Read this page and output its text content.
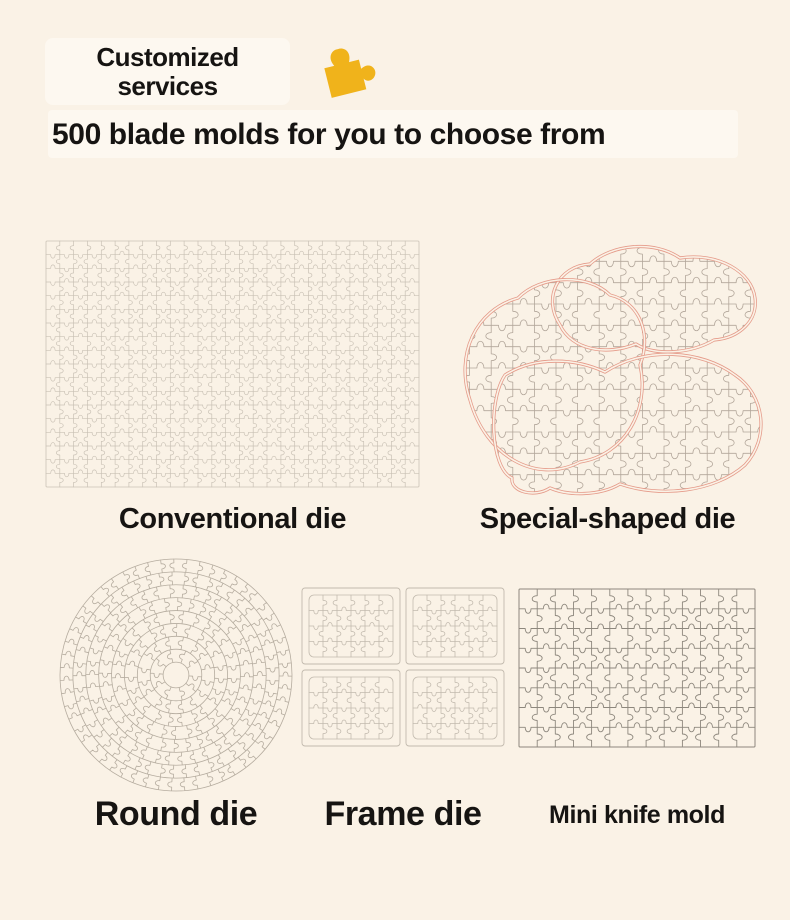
Customized
services
500 blade molds for you to choose from
Conventional die	Special-shaped die
Round die	Frame die	Mini knife mold
